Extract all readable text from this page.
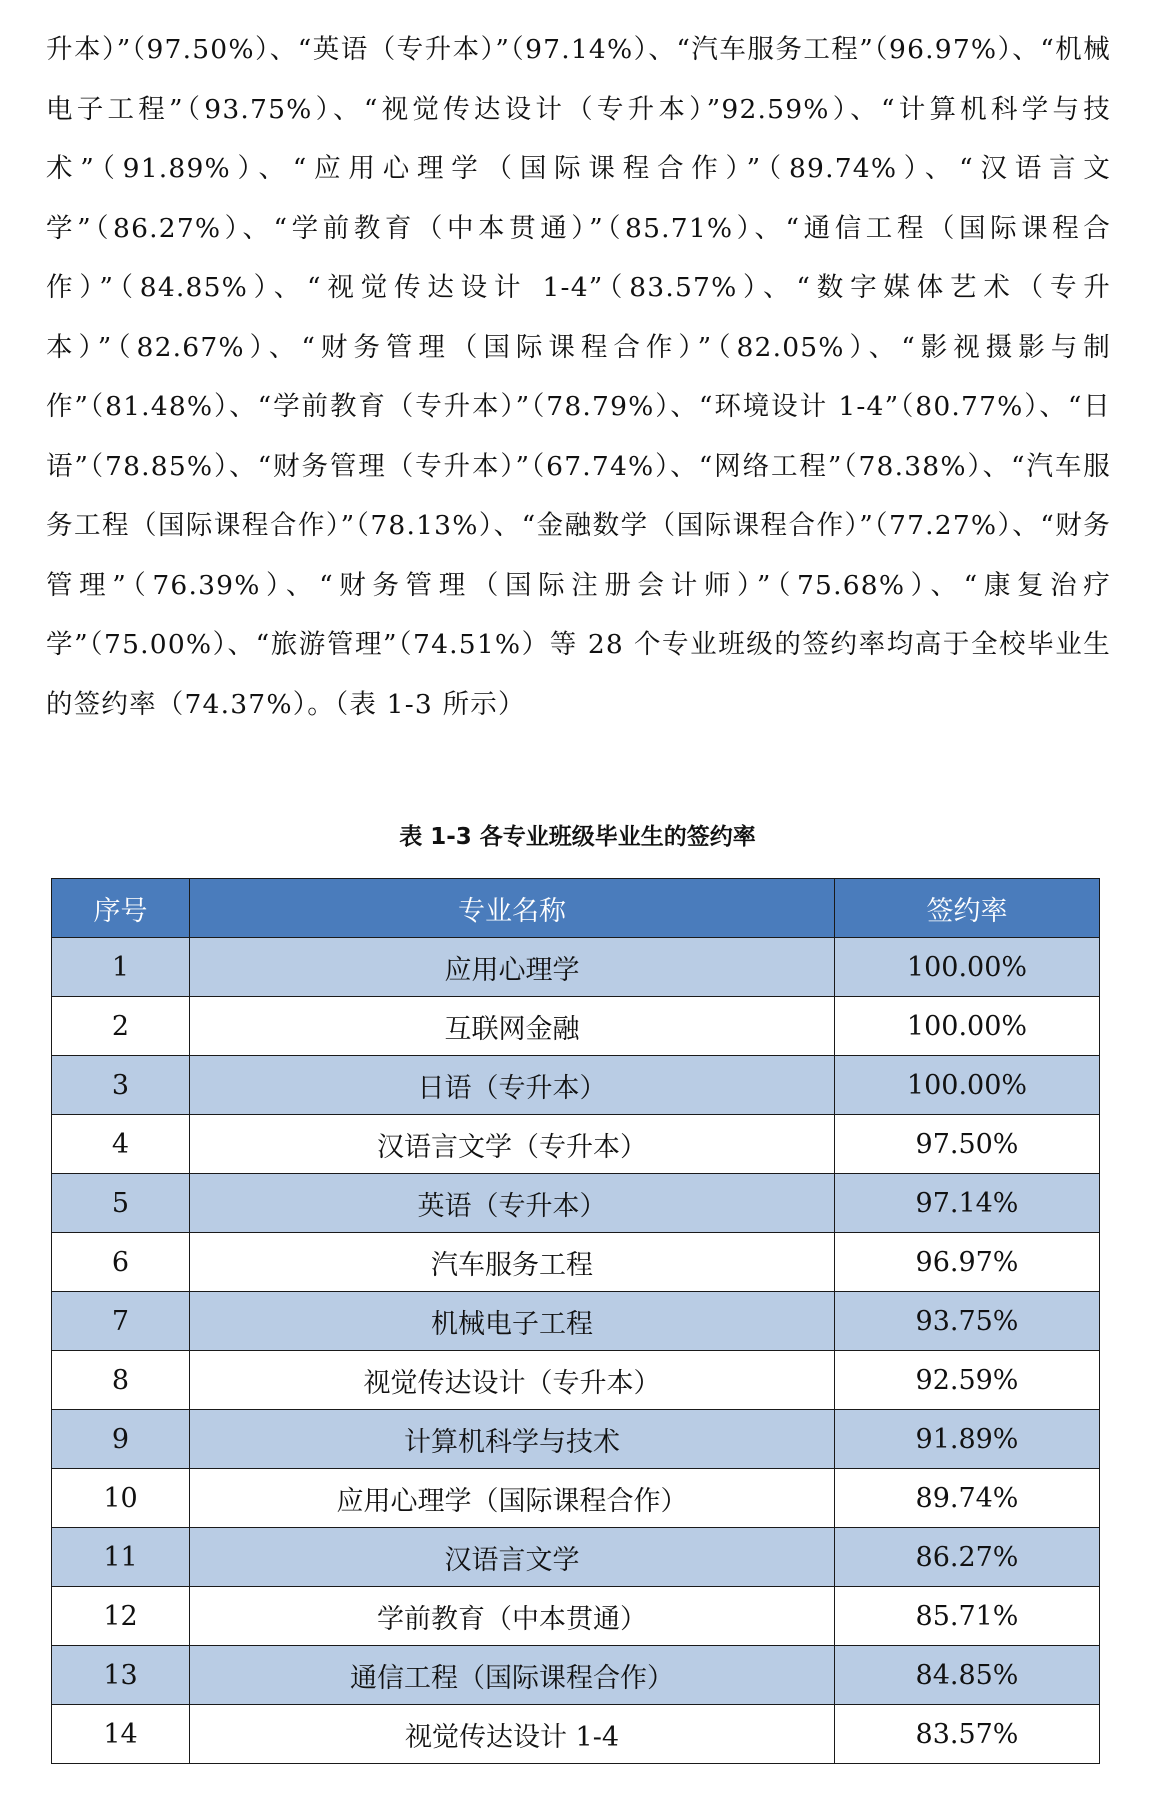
升本）”（97.50%）、“英语（专升本）”（97.14%）、“汽车服务工程”（96.97%）、“机械电子工程”（93.75%）、“视觉传达设计（专升本）”92.59%）、“计算机科学与技术”（91.89%）、“应用心理学（国际课程合作）”（89.74%）、“汉语言文学”（86.27%）、“学前教育（中本贯通）”（85.71%）、“通信工程（国际课程合作）”（84.85%）、“视觉传达设计 1-4”（83.57%）、“数字媒体艺术（专升本）”（82.67%）、“财务管理（国际课程合作）”（82.05%）、“影视摄影与制作”（81.48%）、“学前教育（专升本）”（78.79%）、“环境设计 1-4”（80.77%）、“日语”（78.85%）、“财务管理（专升本）”（67.74%）、“网络工程”（78.38%）、“汽车服务工程（国际课程合作）”（78.13%）、“金融数学（国际课程合作）”（77.27%）、“财务管理”（76.39%）、“财务管理（国际注册会计师）”（75.68%）、“康复治疗学”（75.00%）、“旅游管理”（74.51%）等 28 个专业班级的签约率均高于全校毕业生的签约率（74.37%）。（表 1-3 所示）
表 1-3 各专业班级毕业生的签约率
序号	专业名称	签约率
1	应用心理学	100.00%
2	互联网金融	100.00%
3	日语（专升本）	100.00%
4	汉语言文学（专升本）	97.50%
5	英语（专升本）	97.14%
6	汽车服务工程	96.97%
7	机械电子工程	93.75%
8	视觉传达设计（专升本）	92.59%
9	计算机科学与技术	91.89%
10	应用心理学（国际课程合作）	89.74%
11	汉语言文学	86.27%
12	学前教育（中本贯通）	85.71%
13	通信工程（国际课程合作）	84.85%
14	视觉传达设计 1-4	83.57%
